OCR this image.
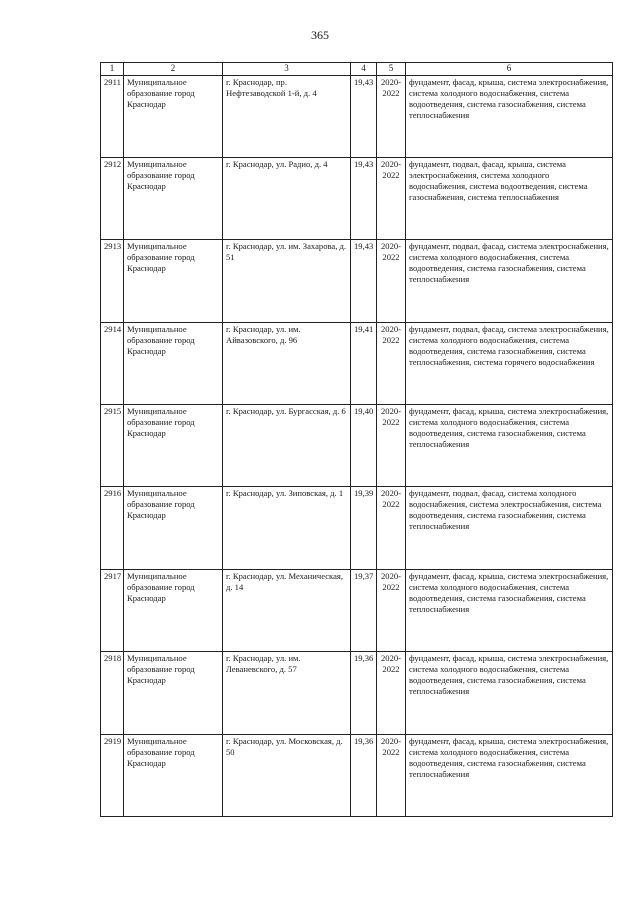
365
1	2	3	4	5	6
2911	Муниципальное образование город Краснодар	г. Краснодар, пр. Нефтезаводской 1-й, д. 4	19,43	2020-2022	фундамент, фасад, крыша, система электроснабжения, система холодного водоснабжения, система водоотведения, система газоснабжения, система теплоснабжения
2912	Муниципальное образование город Краснодар	г. Краснодар, ул. Радио, д. 4	19,43	2020-2022	фундамент, подвал, фасад, крыша, система электроснабжения, система холодного водоснабжения, система водоотведения, система газоснабжения, система теплоснабжения
2913	Муниципальное образование город Краснодар	г. Краснодар, ул. им. Захарова, д. 51	19,43	2020-2022	фундамент, подвал, фасад, система электроснабжения, система холодного водоснабжения, система водоотведения, система газоснабжения, система теплоснабжения
2914	Муниципальное образование город Краснодар	г. Краснодар, ул. им. Айвазовского, д. 96	19,41	2020-2022	фундамент, подвал, фасад, система электроснабжения, система холодного водоснабжения, система водоотведения, система газоснабжения, система теплоснабжения, система горячего водоснабжения
2915	Муниципальное образование город Краснодар	г. Краснодар, ул. Бургасская, д. 6	19,40	2020-2022	фундамент, фасад, крыша, система электроснабжения, система холодного водоснабжения, система водоотведения, система газоснабжения, система теплоснабжения
2916	Муниципальное образование город Краснодар	г. Краснодар, ул. Зиповская, д. 1	19,39	2020-2022	фундамент, подвал, фасад, система холодного водоснабжения, система электроснабжения, система водоотведения, система газоснабжения, система теплоснабжения
2917	Муниципальное образование город Краснодар	г. Краснодар, ул. Механическая, д. 14	19,37	2020-2022	фундамент, фасад, крыша, система электроснабжения, система холодного водоснабжения, система водоотведения, система газоснабжения, система теплоснабжения
2918	Муниципальное образование город Краснодар	г. Краснодар, ул. им. Леваневского, д. 57	19,36	2020-2022	фундамент, фасад, крыша, система электроснабжения, система холодного водоснабжения, система водоотведения, система газоснабжения, система теплоснабжения
2919	Муниципальное образование город Краснодар	г. Краснодар, ул. Московская, д. 50	19,36	2020-2022	фундамент, фасад, крыша, система электроснабжения, система холодного водоснабжения, система водоотведения, система газоснабжения, система теплоснабжения
